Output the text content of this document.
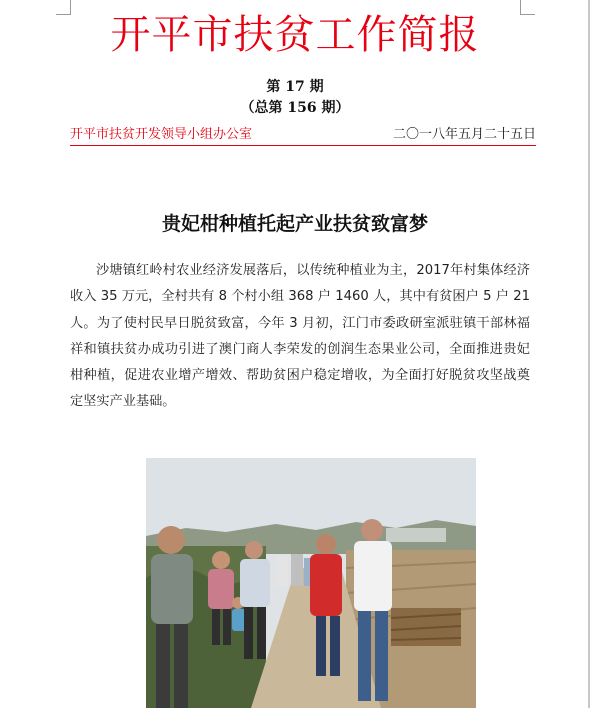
开平市扶贫工作简报
第 17 期
（总第 156 期）
开平市扶贫开发领导小组办公室	二〇一八年五月二十五日
贵妃柑种植托起产业扶贫致富梦
沙塘镇红岭村农业经济发展落后，以传统种植业为主，2017年村集体经济收入 35 万元，全村共有 8 个村小组 368 户 1460 人，其中有贫困户 5 户 21 人。为了使村民早日脱贫致富，今年 3 月初，江门市委政研室派驻镇干部林福祥和镇扶贫办成功引进了澳门商人李荣发的创润生态果业公司，全面推进贵妃柑种植，促进农业增产增效、帮助贫困户稳定增收，为全面打好脱贫攻坚战奠定坚实产业基础。
